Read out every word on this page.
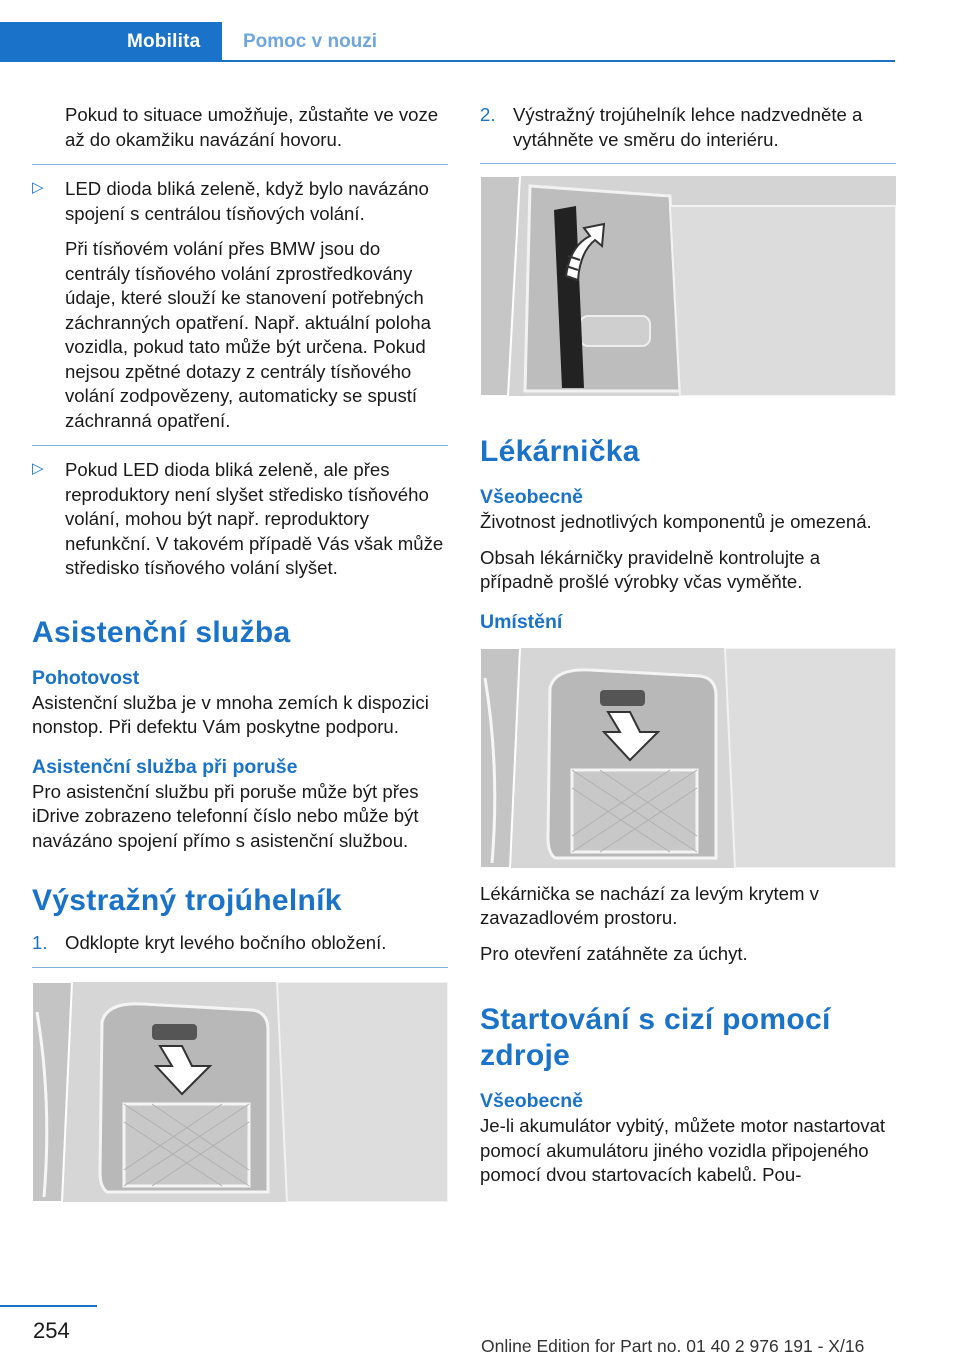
Mobilita	Pomoc v nouzi

Pokud to situace umožňuje, zůstaňte ve voze až do okamžiku navázání hovoru.

▷ LED dioda bliká zeleně, když bylo navázáno spojení s centrálou tísňových volání.

Při tísňovém volání přes BMW jsou do centrály tísňového volání zprostředkovány údaje, které slouží ke stanovení potřebných záchranných opatření. Např. aktuální poloha vozidla, pokud tato může být určena. Pokud nejsou zpětné dotazy z centrály tísňového volání zodpovězeny, automaticky se spustí záchranná opatření.

▷ Pokud LED dioda bliká zeleně, ale přes reproduktory není slyšet středisko tísňového volání, mohou být např. reproduktory nefunkční. V takovém případě Vás však může středisko tísňového volání slyšet.

Asistenční služba
Pohotovost

Asistenční služba je v mnoha zemích k dispozici nonstop. Při defektu Vám poskytne podporu.

Asistenční služba při poruše

Pro asistenční službu při poruše může být přes iDrive zobrazeno telefonní číslo nebo může být navázáno spojení přímo s asistenční službou.

Výstražný trojúhelník
1. Odklopte kryt levého bočního obložení.

2. Výstražný trojúhelník lehce nadzvedněte a vytáhněte ve směru do interiéru.

Lékárnička
Všeobecně

Životnost jednotlivých komponentů je omezená.

Obsah lékárničky pravidelně kontrolujte a případně prošlé výrobky včas vyměňte.

Umístění

Lékárnička se nachází za levým krytem v zavazadlovém prostoru.

Pro otevření zatáhněte za úchyt.

Startování s cizí pomocí zdroje
Všeobecně

Je-li akumulátor vybitý, můžete motor nastartovat pomocí akumulátoru jiného vozidla připojeného pomocí dvou startovacích kabelů. Pou-

254
Online Edition for Part no. 01 40 2 976 191 - X/16
